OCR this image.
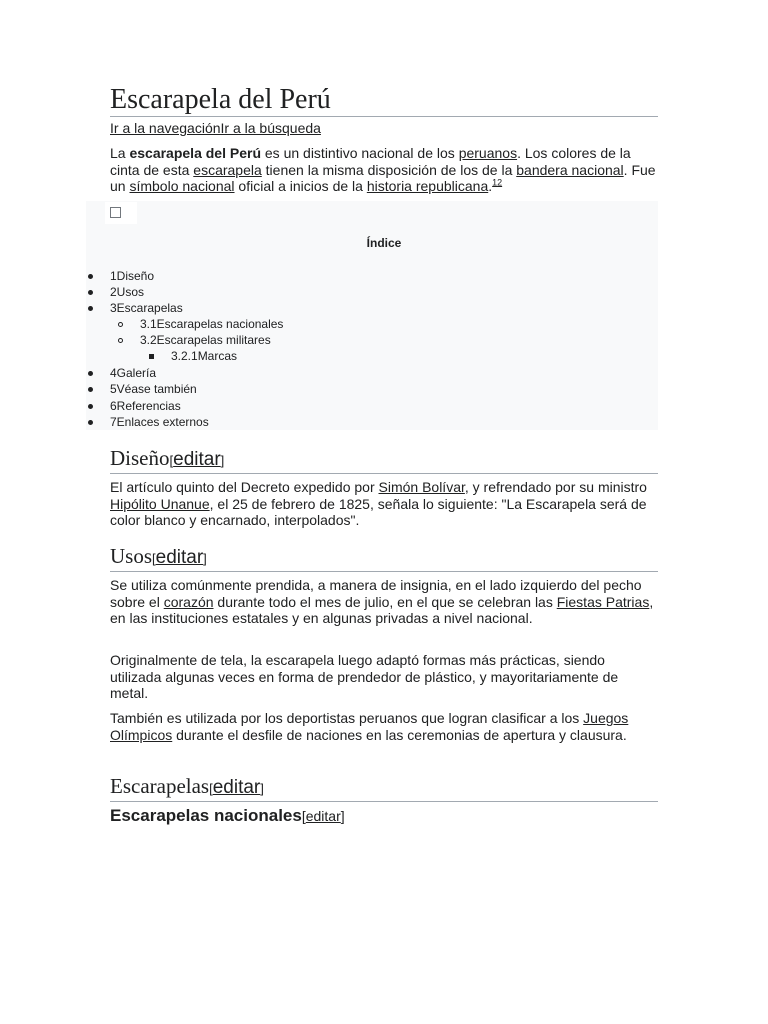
Escarapela del Perú
Ir a la navegaciónIr a la búsqueda

La escarapela del Perú es un distintivo nacional de los peruanos. Los colores de la cinta de esta escarapela tienen la misma disposición de los de la bandera nacional. Fue un símbolo nacional oficial a inicios de la historia republicana.$^{12}$

Índice
1Diseño
2Usos
3Escarapelas
3.1Escarapelas nacionales
3.2Escarapelas militares
3.2.1Marcas
4Galería
5Véase también
6Referencias
7Enlaces externos
Diseño[editar]

El artículo quinto del Decreto expedido por Simón Bolívar, y refrendado por su ministro Hipólito Unanue, el 25 de febrero de 1825, señala lo siguiente: "La Escarapela será de color blanco y encarnado, interpolados".

Usos[editar]

Se utiliza comúnmente prendida, a manera de insignia, en el lado izquierdo del pecho sobre el corazón durante todo el mes de julio, en el que se celebran las Fiestas Patrias, en las instituciones estatales y en algunas privadas a nivel nacional.

Originalmente de tela, la escarapela luego adaptó formas más prácticas, siendo utilizada algunas veces en forma de prendedor de plástico, y mayoritariamente de metal.

También es utilizada por los deportistas peruanos que logran clasificar a los Juegos Olímpicos durante el desfile de naciones en las ceremonias de apertura y clausura.

Escarapelas[editar]
Escarapelas nacionales[editar]
